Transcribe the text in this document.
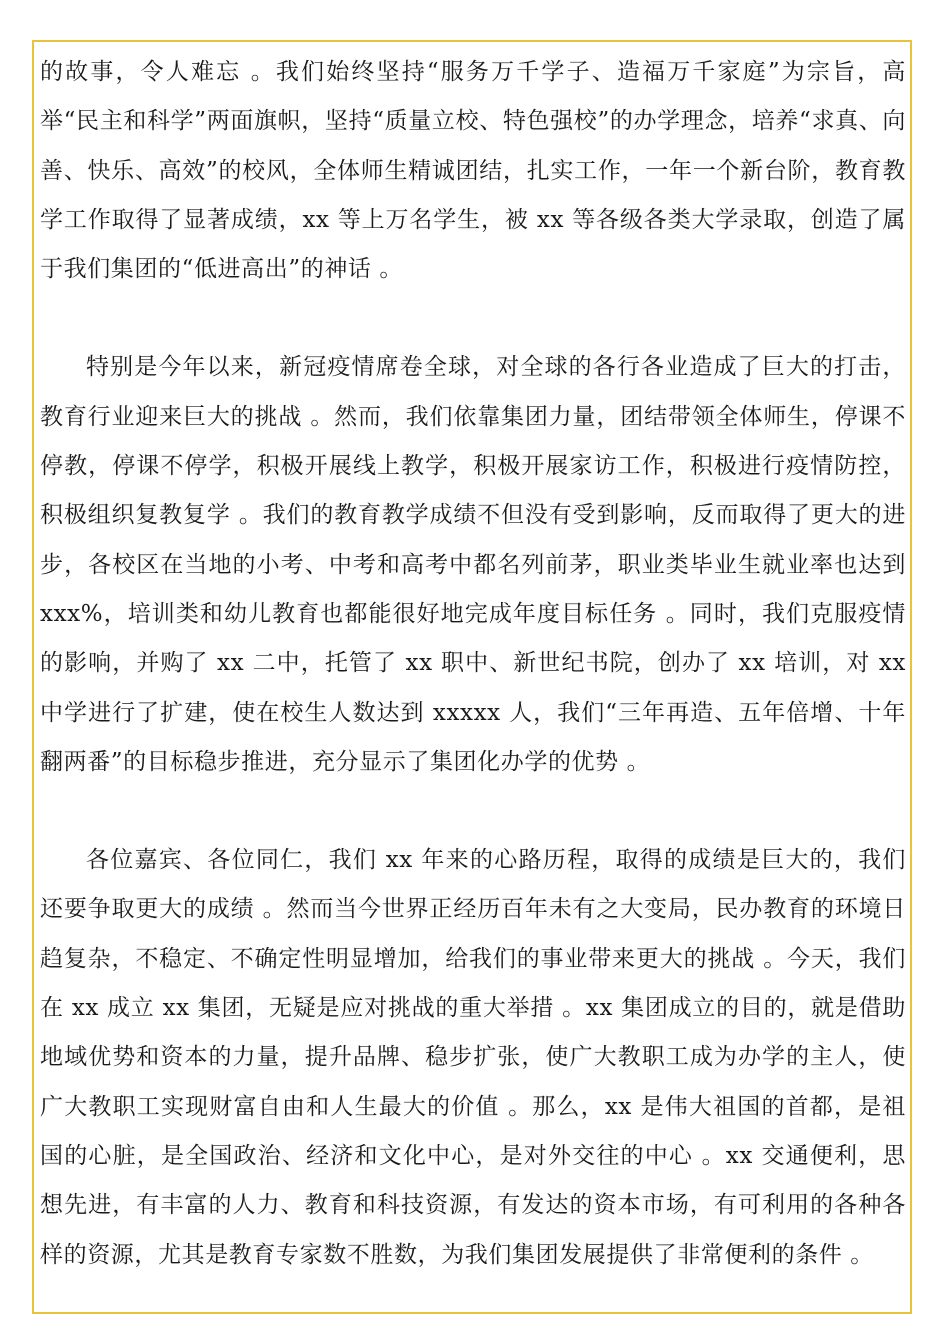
的故事，令人难忘 。我们始终坚持“服务万千学子、造福万千家庭”为宗旨，高举“民主和科学”两面旗帜，坚持“质量立校、特色强校”的办学理念，培养“求真、向善、快乐、高效”的校风，全体师生精诚团结，扎实工作，一年一个新台阶，教育教学工作取得了显著成绩，xx 等上万名学生，被 xx 等各级各类大学录取，创造了属于我们集团的“低进高出”的神话 。

特别是今年以来，新冠疫情席卷全球，对全球的各行各业造成了巨大的打击，教育行业迎来巨大的挑战 。然而，我们依靠集团力量，团结带领全体师生，停课不停教，停课不停学，积极开展线上教学，积极开展家访工作，积极进行疫情防控，积极组织复教复学 。我们的教育教学成绩不但没有受到影响，反而取得了更大的进步，各校区在当地的小考、中考和高考中都名列前茅，职业类毕业生就业率也达到 xxx%，培训类和幼儿教育也都能很好地完成年度目标任务 。同时，我们克服疫情的影响，并购了 xx 二中，托管了 xx 职中、新世纪书院，创办了 xx 培训，对 xx 中学进行了扩建，使在校生人数达到 xxxxx 人，我们“三年再造、五年倍增、十年翻两番”的目标稳步推进，充分显示了集团化办学的优势 。

各位嘉宾、各位同仁，我们 xx 年来的心路历程，取得的成绩是巨大的，我们还要争取更大的成绩 。然而当今世界正经历百年未有之大变局，民办教育的环境日趋复杂，不稳定、不确定性明显增加，给我们的事业带来更大的挑战 。今天，我们在 xx 成立 xx 集团，无疑是应对挑战的重大举措 。xx 集团成立的目的，就是借助地域优势和资本的力量，提升品牌、稳步扩张，使广大教职工成为办学的主人，使广大教职工实现财富自由和人生最大的价值 。那么，xx 是伟大祖国的首都，是祖国的心脏，是全国政治、经济和文化中心，是对外交往的中心 。xx 交通便利，思想先进，有丰富的人力、教育和科技资源，有发达的资本市场，有可利用的各种各样的资源，尤其是教育专家数不胜数，为我们集团发展提供了非常便利的条件 。
